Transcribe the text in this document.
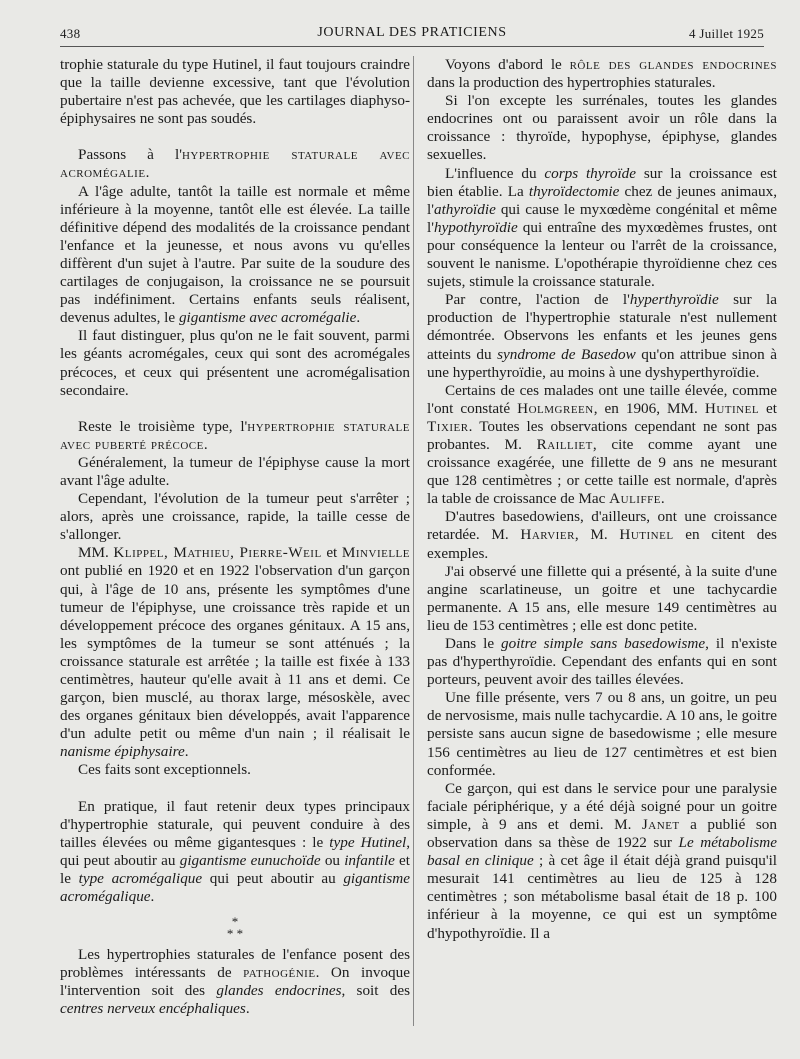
438	JOURNAL DES PRATICIENS	4 Juillet 1925

trophie staturale du type Hutinel, il faut toujours craindre que la taille devienne excessive, tant que l'évolution pubertaire n'est pas achevée, que les cartilages diaphyso-épiphysaires ne sont pas soudés.

Passons à l'hypertrophie staturale avec acromégalie.

A l'âge adulte, tantôt la taille est normale et même inférieure à la moyenne, tantôt elle est élevée. La taille définitive dépend des modalités de la croissance pendant l'enfance et la jeunesse, et nous avons vu qu'elles diffèrent d'un sujet à l'autre. Par suite de la soudure des cartilages de conjugaison, la croissance ne se poursuit pas indéfiniment. Certains enfants seuls réalisent, devenus adultes, le gigantisme avec acromégalie.

Il faut distinguer, plus qu'on ne le fait souvent, parmi les géants acromégales, ceux qui sont des acromégales précoces, et ceux qui présentent une acromégalisation secondaire.

Reste le troisième type, l'hypertrophie staturale avec puberté précoce.

Généralement, la tumeur de l'épiphyse cause la mort avant l'âge adulte.

Cependant, l'évolution de la tumeur peut s'arrêter ; alors, après une croissance, rapide, la taille cesse de s'allonger.

MM. Klippel, Mathieu, Pierre-Weil et Minvielle ont publié en 1920 et en 1922 l'observation d'un garçon qui, à l'âge de 10 ans, présente les symptômes d'une tumeur de l'épiphyse, une croissance très rapide et un développement précoce des organes génitaux. A 15 ans, les symptômes de la tumeur se sont atténués ; la croissance staturale est arrêtée ; la taille est fixée à 133 centimètres, hauteur qu'elle avait à 11 ans et demi. Ce garçon, bien musclé, au thorax large, mésoskèle, avec des organes génitaux bien développés, avait l'apparence d'un adulte petit ou même d'un nain ; il réalisait le nanisme épiphysaire.

Ces faits sont exceptionnels.

En pratique, il faut retenir deux types principaux d'hypertrophie staturale, qui peuvent conduire à des tailles élevées ou même gigantesques : le type Hutinel, qui peut aboutir au gigantisme eunuchoïde ou infantile et le type acromégalique qui peut aboutir au gigantisme acromégalique.

*
* *

Les hypertrophies staturales de l'enfance posent des problèmes intéressants de pathogénie. On invoque l'intervention soit des glandes endocrines, soit des centres nerveux encéphaliques.

Voyons d'abord le rôle des glandes endocrines dans la production des hypertrophies staturales.

Si l'on excepte les surrénales, toutes les glandes endocrines ont ou paraissent avoir un rôle dans la croissance : thyroïde, hypophyse, épiphyse, glandes sexuelles.

L'influence du corps thyroïde sur la croissance est bien établie. La thyroïdectomie chez de jeunes animaux, l'athyroïdie qui cause le myxœdème congénital et même l'hypothyroïdie qui entraîne des myxœdèmes frustes, ont pour conséquence la lenteur ou l'arrêt de la croissance, souvent le nanisme. L'opothérapie thyroïdienne chez ces sujets, stimule la croissance staturale.

Par contre, l'action de l'hyperthyroïdie sur la production de l'hypertrophie staturale n'est nullement démontrée. Observons les enfants et les jeunes gens atteints du syndrome de Basedow qu'on attribue sinon à une hyperthyroïdie, au moins à une dyshyperthyroïdie.

Certains de ces malades ont une taille élevée, comme l'ont constaté Holmgreen, en 1906, MM. Hutinel et Tixier. Toutes les observations cependant ne sont pas probantes. M. Railliet, cite comme ayant une croissance exagérée, une fillette de 9 ans ne mesurant que 128 centimètres ; or cette taille est normale, d'après la table de croissance de Mac Auliffe.

D'autres basedowiens, d'ailleurs, ont une croissance retardée. M. Harvier, M. Hutinel en citent des exemples.

J'ai observé une fillette qui a présenté, à la suite d'une angine scarlatineuse, un goitre et une tachycardie permanente. A 15 ans, elle mesure 149 centimètres au lieu de 153 centimètres ; elle est donc petite.

Dans le goitre simple sans basedowisme, il n'existe pas d'hyperthyroïdie. Cependant des enfants qui en sont porteurs, peuvent avoir des tailles élevées.

Une fille présente, vers 7 ou 8 ans, un goitre, un peu de nervosisme, mais nulle tachycardie. A 10 ans, le goitre persiste sans aucun signe de basedowisme ; elle mesure 156 centimètres au lieu de 127 centimètres et est bien conformée.

Ce garçon, qui est dans le service pour une paralysie faciale périphérique, y a été déjà soigné pour un goitre simple, à 9 ans et demi. M. Janet a publié son observation dans sa thèse de 1922 sur Le métabolisme basal en clinique ; à cet âge il était déjà grand puisqu'il mesurait 141 centimètres au lieu de 125 à 128 centimètres ; son métabolisme basal était de 18 p. 100 inférieur à la moyenne, ce qui est un symptôme d'hypothyroïdie. Il a
